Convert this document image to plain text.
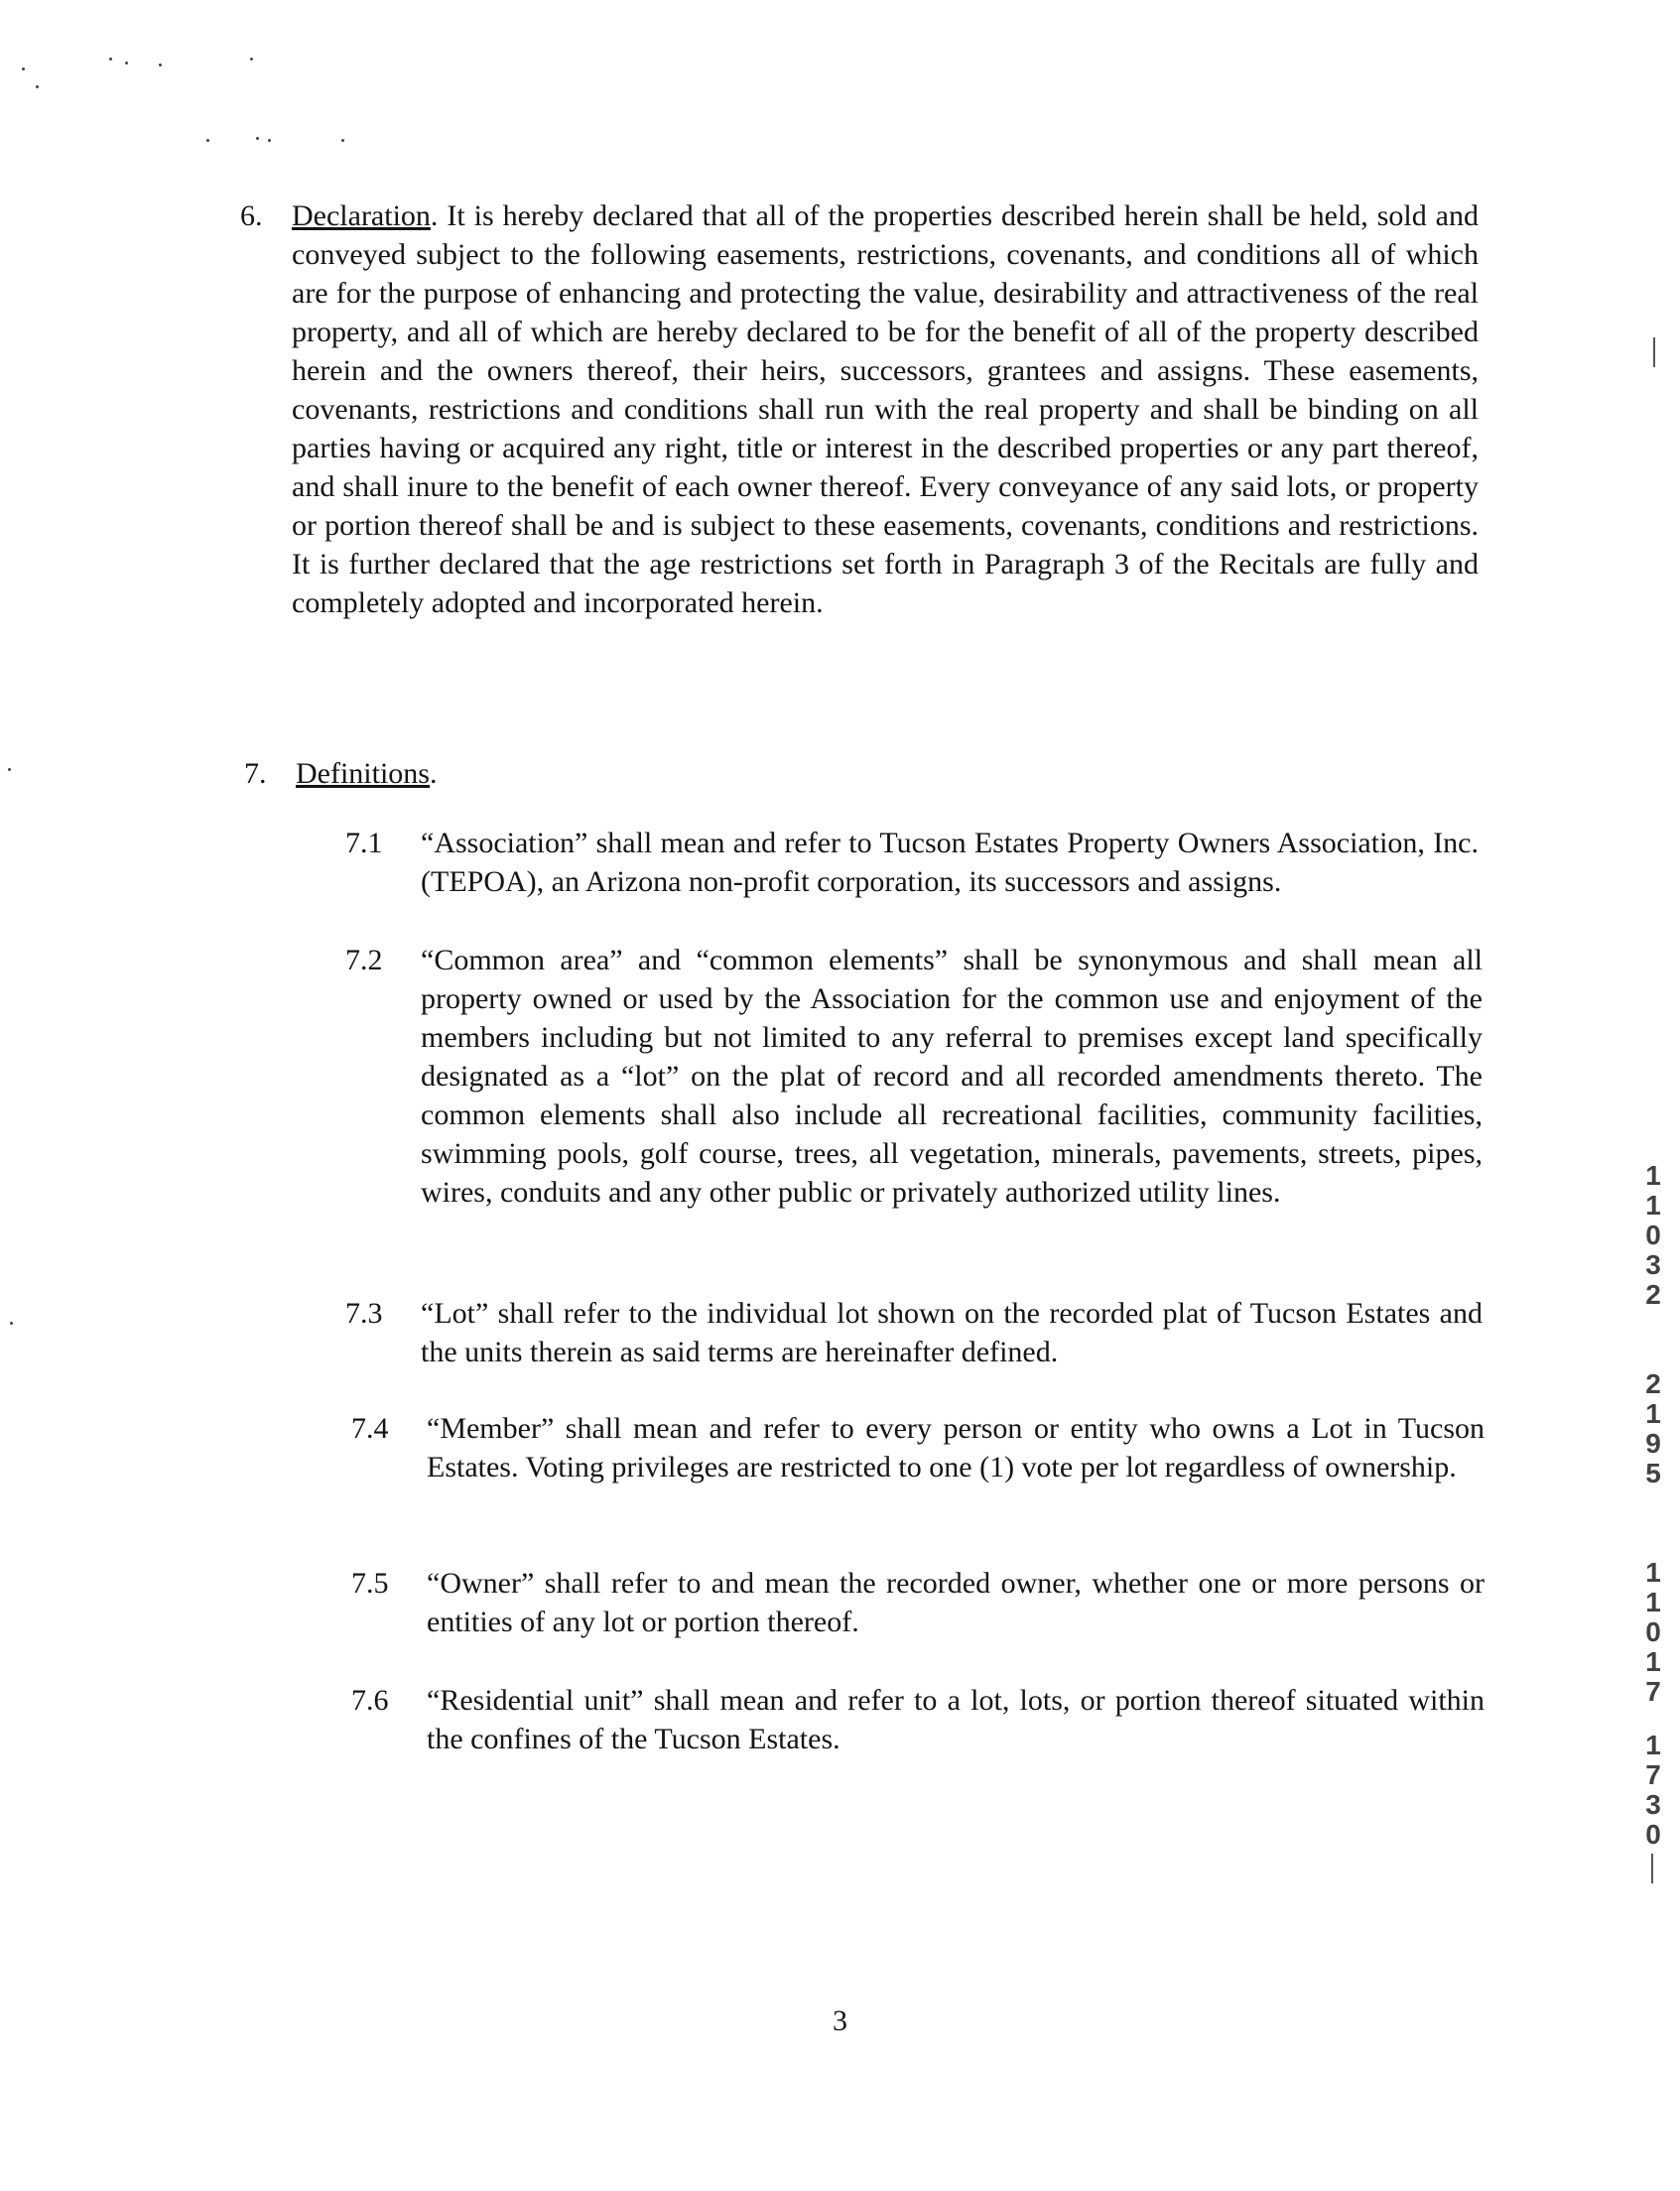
6. Declaration. It is hereby declared that all of the properties described herein shall be held, sold and conveyed subject to the following easements, restrictions, covenants, and conditions all of which are for the purpose of enhancing and protecting the value, desirability and attractiveness of the real property, and all of which are hereby declared to be for the benefit of all of the property described herein and the owners thereof, their heirs, successors, grantees and assigns. These easements, covenants, restrictions and conditions shall run with the real property and shall be binding on all parties having or acquired any right, title or interest in the described properties or any part thereof, and shall inure to the benefit of each owner thereof. Every conveyance of any said lots, or property or portion thereof shall be and is subject to these easements, covenants, conditions and restrictions. It is further declared that the age restrictions set forth in Paragraph 3 of the Recitals are fully and completely adopted and incorporated herein.
7. Definitions.
7.1 “Association” shall mean and refer to Tucson Estates Property Owners Association, Inc. (TEPOA), an Arizona non-profit corporation, its successors and assigns.
7.2 “Common area” and “common elements” shall be synonymous and shall mean all property owned or used by the Association for the common use and enjoyment of the members including but not limited to any referral to premises except land specifically designated as a “lot” on the plat of record and all recorded amendments thereto. The common elements shall also include all recreational facilities, community facilities, swimming pools, golf course, trees, all vegetation, minerals, pavements, streets, pipes, wires, conduits and any other public or privately authorized utility lines.
7.3 “Lot” shall refer to the individual lot shown on the recorded plat of Tucson Estates and the units therein as said terms are hereinafter defined.
7.4 “Member” shall mean and refer to every person or entity who owns a Lot in Tucson Estates. Voting privileges are restricted to one (1) vote per lot regardless of ownership.
7.5 “Owner” shall refer to and mean the recorded owner, whether one or more persons or entities of any lot or portion thereof.
7.6 “Residential unit” shall mean and refer to a lot, lots, or portion thereof situated within the confines of the Tucson Estates.
3
1
1
0
3
2
2
1
9
5
1
1
0
1
7
1
7
3
0
